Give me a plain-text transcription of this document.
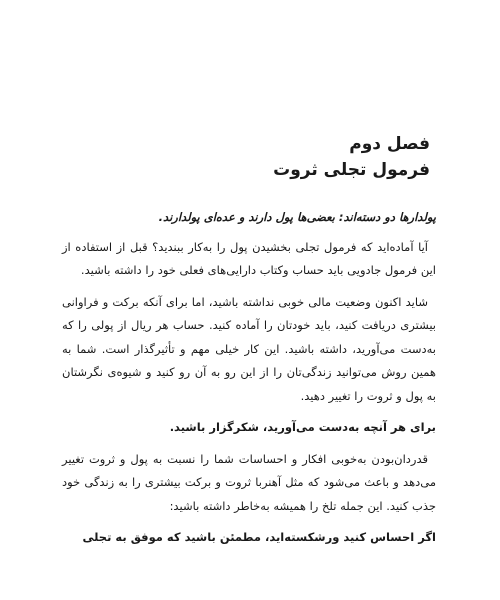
فصل دوم
فرمول تجلی ثروت

پولدارها دو دسته‌اند: بعضی‌ها پول دارند و عده‌ای پولدارند.

آیا آماده‌اید که فرمول تجلی بخشیدن پول را به‌کار ببندید؟ قبل از استفاده از این فرمول جادویی باید حساب وکتاب دارایی‌های فعلی خود را داشته باشید.

شاید اکنون وضعیت مالی خوبی نداشته باشید، اما برای آنکه برکت و فراوانی بیشتری دریافت کنید، باید خودتان را آماده کنید. حساب هر ریال از پولی را که به‌دست می‌آورید، داشته باشید. این کار خیلی مهم و تأثیرگذار است. شما به همین روش می‌توانید زندگی‌تان را از این رو به آن رو کنید و شیوه‌ی نگرشتان به پول و ثروت را تغییر دهید.

برای هر آنچه به‌دست می‌آورید، شکرگزار باشید.

قدردان‌بودن به‌خوبی افکار و احساسات شما را نسبت به پول و ثروت تغییر می‌دهد و باعث می‌شود که مثل آهنربا ثروت و برکت بیشتری را به زندگی خود جذب کنید. این جمله تلخ را همیشه به‌خاطر داشته باشید:

اگر احساس کنید ورشکسته‌اید، مطمئن باشید که موفق به تجلی
